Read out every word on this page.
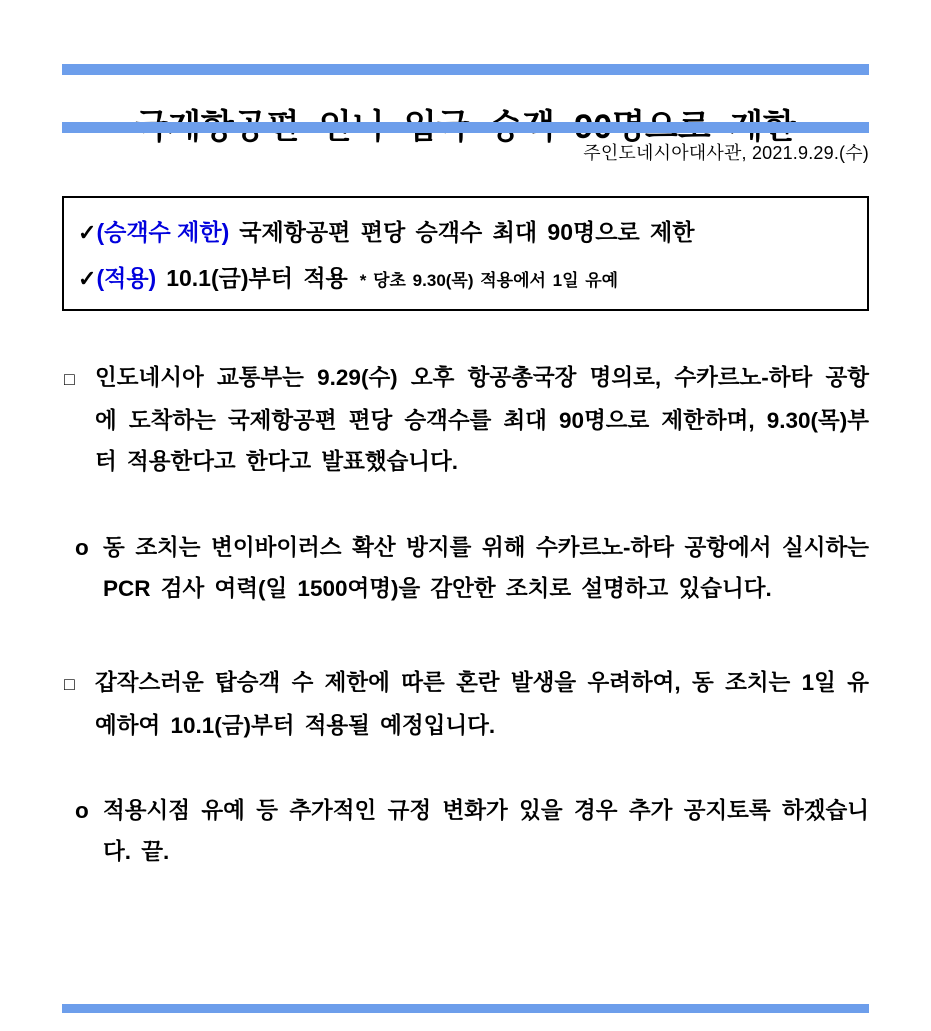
주인도네시아대사관, 2021.9.29.(수)
✓(승객수 제한) 국제항공편 편당 승객수 최대 90명으로 제한
✓(적용) 10.1(금)부터 적용 * 당초 9.30(목) 적용에서 1일 유예
□ 인도네시아 교통부는 9.29(수) 오후 항공총국장 명의로, 수카르노-하타 공항에 도착하는 국제항공편 편당 승객수를 최대 90명으로 제한하며, 9.30(목)부터 적용한다고 한다고 발표했습니다.
o 동 조치는 변이바이러스 확산 방지를 위해 수카르노-하타 공항에서 실시하는 PCR 검사 여력(일 1500여명)을 감안한 조치로 설명하고 있습니다.
□ 갑작스러운 탑승객 수 제한에 따른 혼란 발생을 우려하여, 동 조치는 1일 유예하여 10.1(금)부터 적용될 예정입니다.
o 적용시점 유예 등 추가적인 규정 변화가 있을 경우 추가 공지토록 하겠습니다. 끝.
